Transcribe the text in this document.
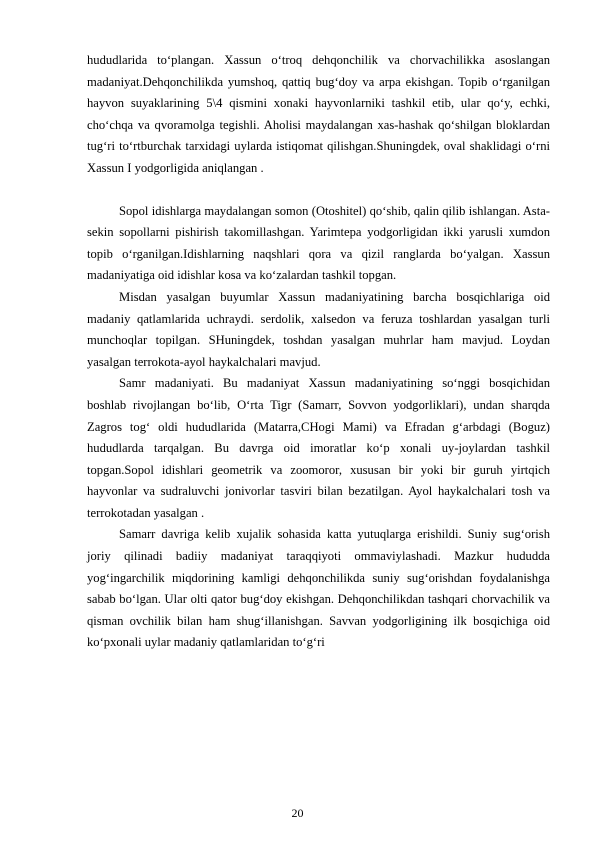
hududlarida to‘plangan. Xassun o‘troq dehqonchilik va chorvachilikka asoslangan madaniyat.Dehqonchilikda yumshoq, qattiq bug‘doy va arpa ekishgan. Topib o‘rganilgan hayvon suyaklarining 5\4 qismini xonaki hayvonlarniki tashkil etib, ular qo‘y, echki, cho‘chqa va qvoramolga tegishli. Aholisi maydalangan xas-hashak qo‘shilgan bloklardan tug‘ri to‘rtburchak tarxidagi uylarda istiqomat qilishgan.Shuningdek, oval shaklidagi o‘rni Xassun I yodgorligida aniqlangan .

Sopol idishlarga maydalangan somon (Otoshitel) qo‘shib, qalin qilib ishlangan. Asta-sekin sopollarni pishirish takomillashgan. Yarimtepa yodgorligidan ikki yarusli xumdon topib o‘rganilgan.Idishlarning naqshlari qora va qizil ranglarda bo‘yalgan. Xassun madaniyatiga oid idishlar kosa va ko‘zalardan tashkil topgan.

Misdan yasalgan buyumlar Xassun madaniyatining barcha bosqichlariga oid madaniy qatlamlarida uchraydi. serdolik, xalsedon va feruza toshlardan yasalgan turli munchoqlar topilgan. SHuningdek, toshdan yasalgan muhrlar ham mavjud. Loydan yasalgan terrokota-ayol haykalchalari mavjud.

Samr madaniyati. Bu madaniyat Xassun madaniyatining so‘nggi bosqichidan boshlab rivojlangan bo‘lib, O‘rta Tigr (Samarr, Sovvon yodgorliklari), undan sharqda Zagros tog‘ oldi hududlarida (Matarra,CHogi Mami) va Efradan g‘arbdagi (Boguz) hududlarda tarqalgan. Bu davrga oid imoratlar ko‘p xonali uy-joylardan tashkil topgan.Sopol idishlari geometrik va zoomoror, xususan bir yoki bir guruh yirtqich hayvonlar va sudraluvchi jonivorlar tasviri bilan bezatilgan. Ayol haykalchalari tosh va terrokotadan yasalgan .

Samarr davriga kelib xujalik sohasida katta yutuqlarga erishildi. Suniy sug‘orish joriy qilinadi badiiy madaniyat taraqqiyoti ommaviylashadi. Mazkur hududda yog‘ingarchilik miqdorining kamligi dehqonchilikda suniy sug‘orishdan foydalanishga sabab bo‘lgan. Ular olti qator bug‘doy ekishgan. Dehqonchilikdan tashqari chorvachilik va qisman ovchilik bilan ham shug‘illanishgan. Savvan yodgorligining ilk bosqichiga oid ko‘pxonali uylar madaniy qatlamlaridan to‘g‘ri

20
